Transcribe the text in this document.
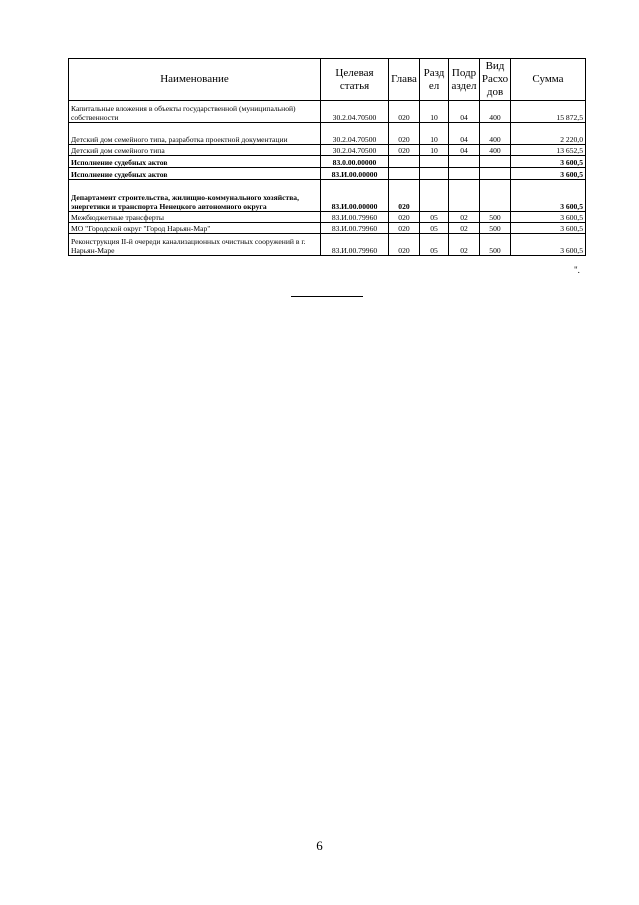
Наименование	Целевая статья	Глава	Разд ел	Подр аздел	Вид Расхо дов	Сумма
Капитальные вложения в объекты государственной (муниципальной) собственности	30.2.04.70500	020	10	04	400	15 872,5
Детский дом семейного типа, разработка проектной документации	30.2.04.70500	020	10	04	400	2 220,0
Детский дом семейного типа	30.2.04.70500	020	10	04	400	13 652,5
Исполнение судебных актов	83.0.00.00000					3 600,5
Исполнение судебных актов	83.И.00.00000					3 600,5
Департамент строительства, жилищно-коммунального хозяйства, энергетики и транспорта Ненецкого автономного округа	83.И.00.00000	020				3 600,5
Межбюджетные трансферты	83.И.00.79960	020	05	02	500	3 600,5
МО "Городской округ "Город Нарьян-Мар"	83.И.00.79960	020	05	02	500	3 600,5
Реконструкция II-й очереди канализационных очистных сооружений в г. Нарьян-Маре	83.И.00.79960	020	05	02	500	3 600,5
".
6
